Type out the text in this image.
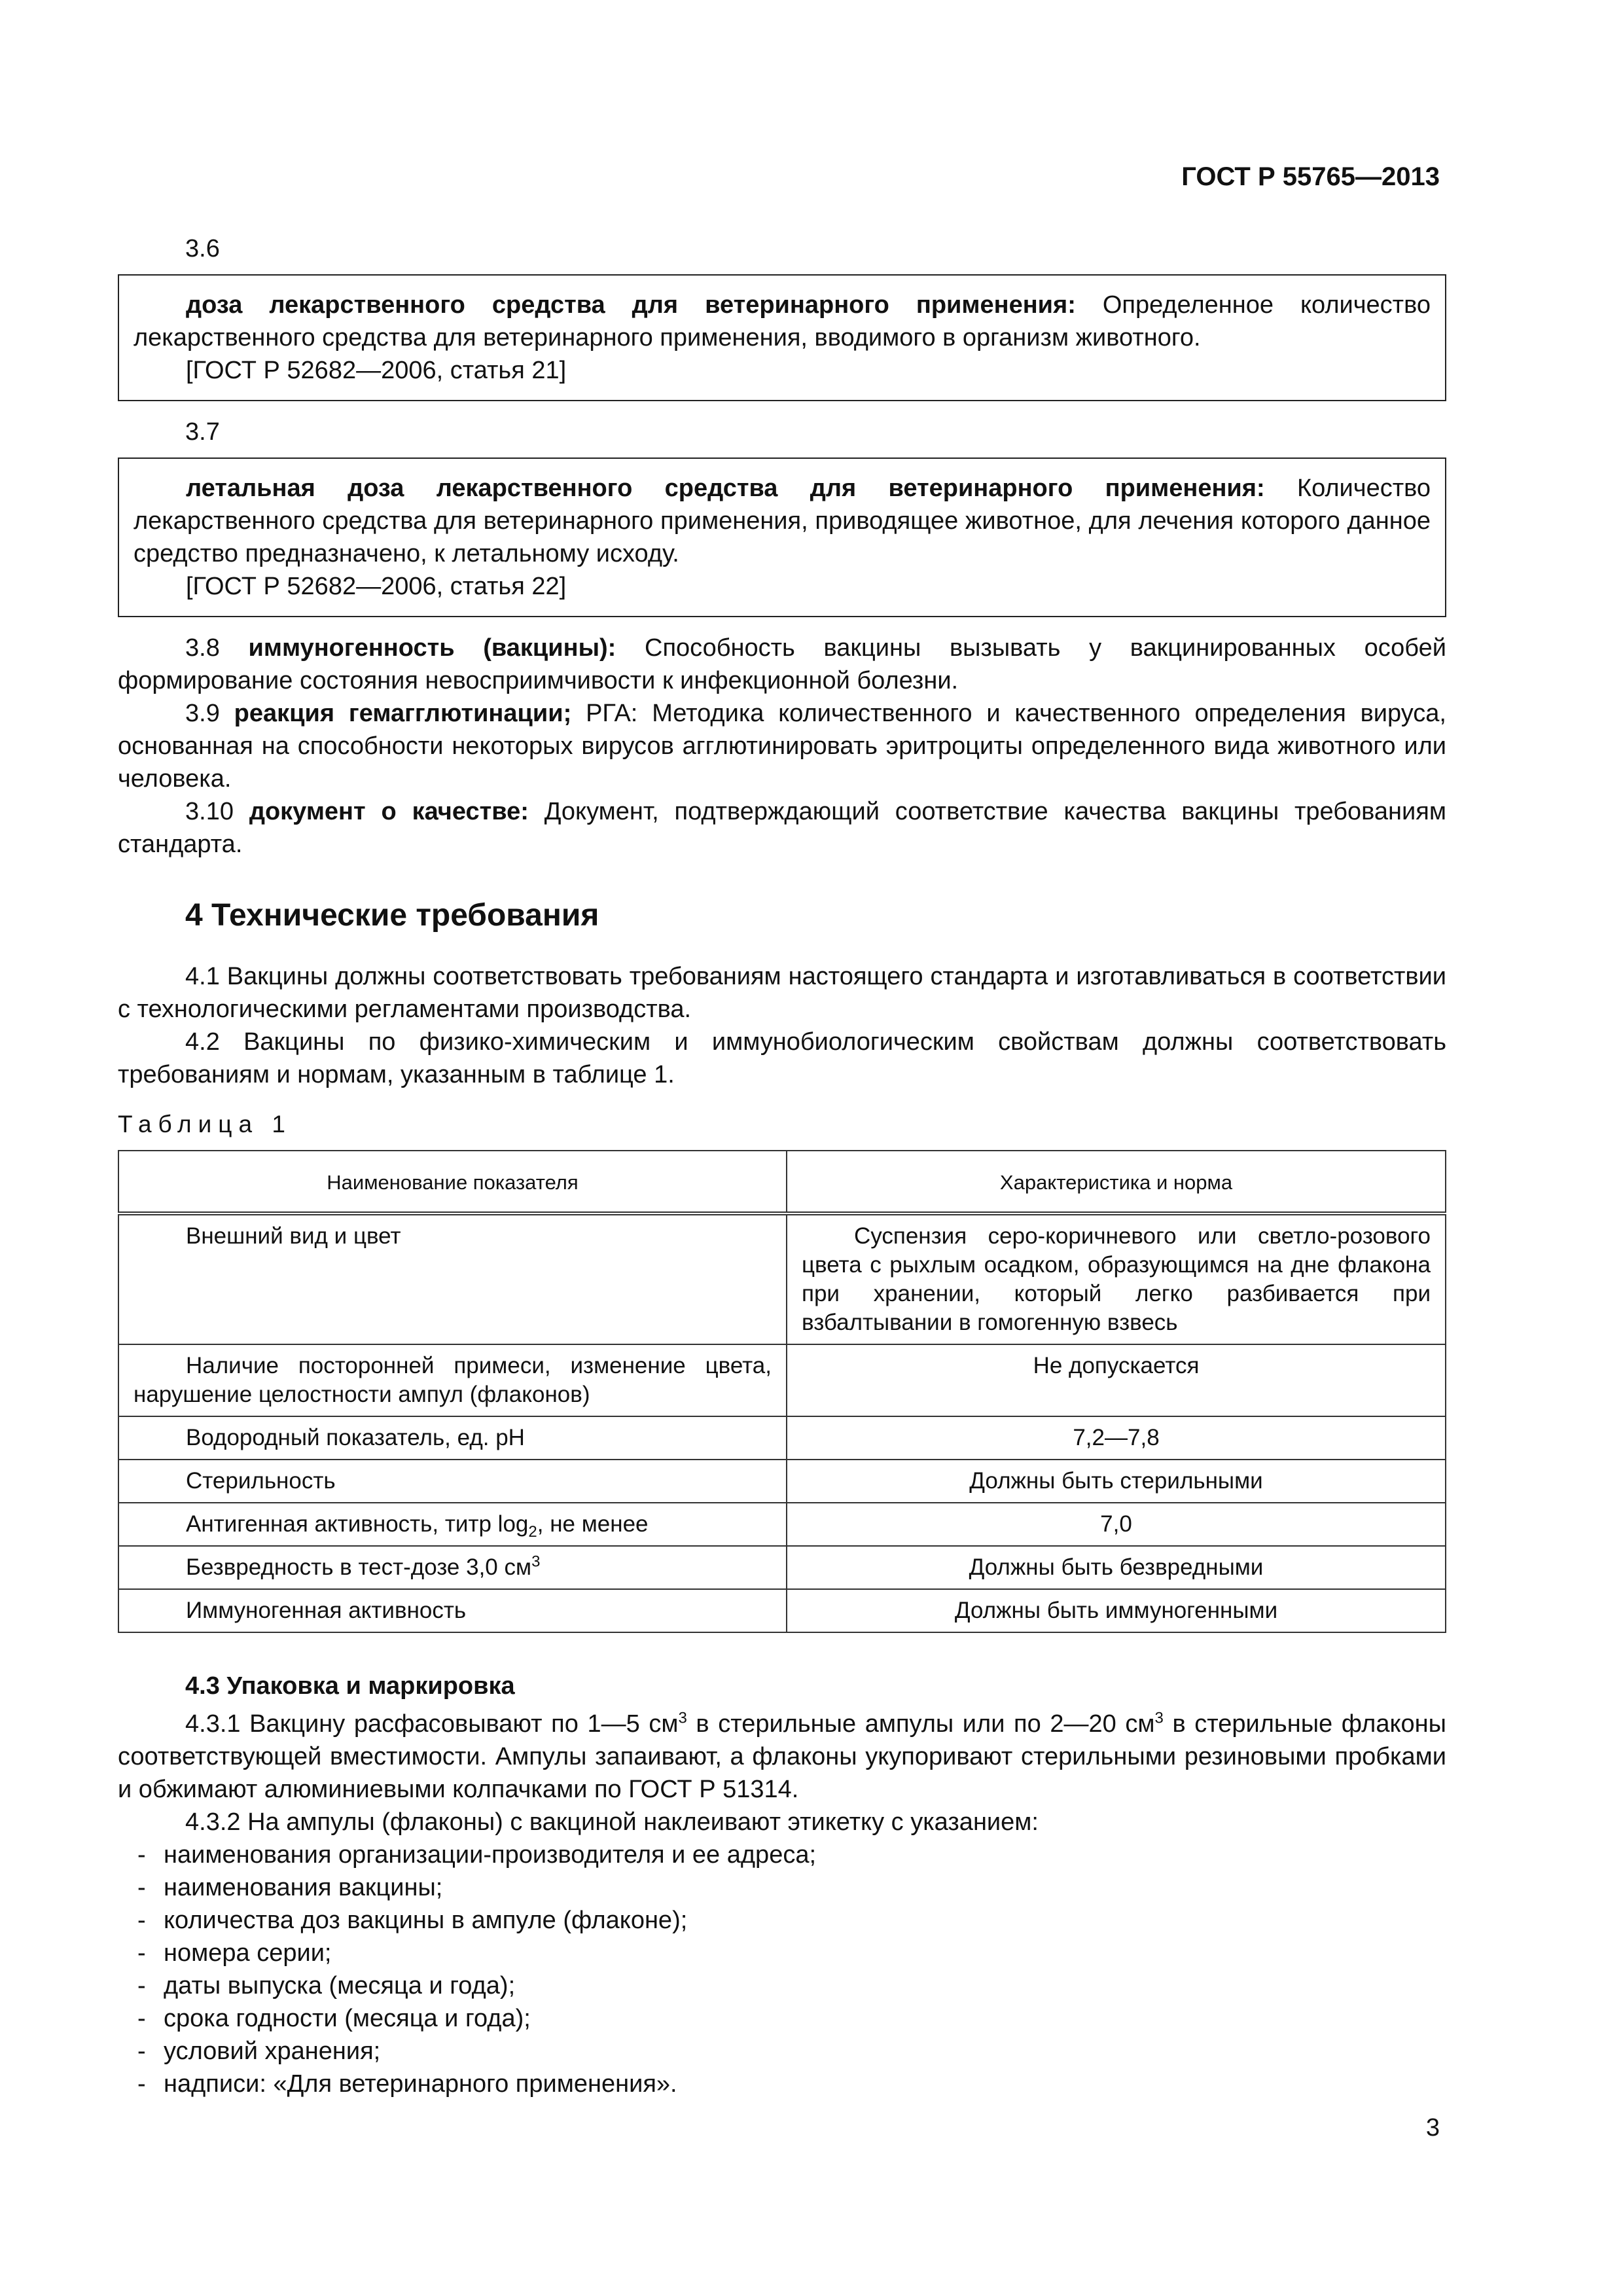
ГОСТ Р 55765—2013
3.6

доза лекарственного средства для ветеринарного применения: Определенное количество лекарственного средства для ветеринарного применения, вводимого в организм животного.

[ГОСТ Р 52682—2006, статья 21]

3.7

летальная доза лекарственного средства для ветеринарного применения: Количество лекарственного средства для ветеринарного применения, приводящее животное, для лечения которого данное средство предназначено, к летальному исходу.

[ГОСТ Р 52682—2006, статья 22]

3.8 иммуногенность (вакцины): Способность вакцины вызывать у вакцинированных особей формирование состояния невосприимчивости к инфекционной болезни.

3.9 реакция гемагглютинации; РГА: Методика количественного и качественного определения вируса, основанная на способности некоторых вирусов агглютинировать эритроциты определенного вида животного или человека.

3.10 документ о качестве: Документ, подтверждающий соответствие качества вакцины требованиям стандарта.

4 Технические требования

4.1 Вакцины должны соответствовать требованиям настоящего стандарта и изготавливаться в соответствии с технологическими регламентами производства.

4.2 Вакцины по физико-химическим и иммунобиологическим свойствам должны соответствовать требованиям и нормам, указанным в таблице 1.

Таблица 1
Наименование показателя	Характеристика и норма
Внешний вид и цвет	Суспензия серо-коричневого или светло-розового цвета с рыхлым осадком, образующимся на дне флакона при хранении, который легко разбивается при взбалтывании в гомогенную взвесь
Наличие посторонней примеси, изменение цвета, нарушение целостности ампул (флаконов)	Не допускается
Водородный показатель, ед. pH	7,2—7,8
Стерильность	Должны быть стерильными
Антигенная активность, титр $\log_2$, не менее	7,0
Безвредность в тест-дозе 3,0 $см^3$	Должны быть безвредными
Иммуногенная активность	Должны быть иммуногенными
4.3 Упаковка и маркировка

4.3.1 Вакцину расфасовывают по 1—5 $см^3$ в стерильные ампулы или по 2—20 $см^3$ в стерильные флаконы соответствующей вместимости. Ампулы запаивают, а флаконы укупоривают стерильными резиновыми пробками и обжимают алюминиевыми колпачками по ГОСТ Р 51314.

4.3.2 На ампулы (флаконы) с вакциной наклеивают этикетку с указанием:

- наименования организации-производителя и ее адреса;
- наименования вакцины;
- количества доз вакцины в ампуле (флаконе);
- номера серии;
- даты выпуска (месяца и года);
- срока годности (месяца и года);
- условий хранения;
- надписи: «Для ветеринарного применения».
3
